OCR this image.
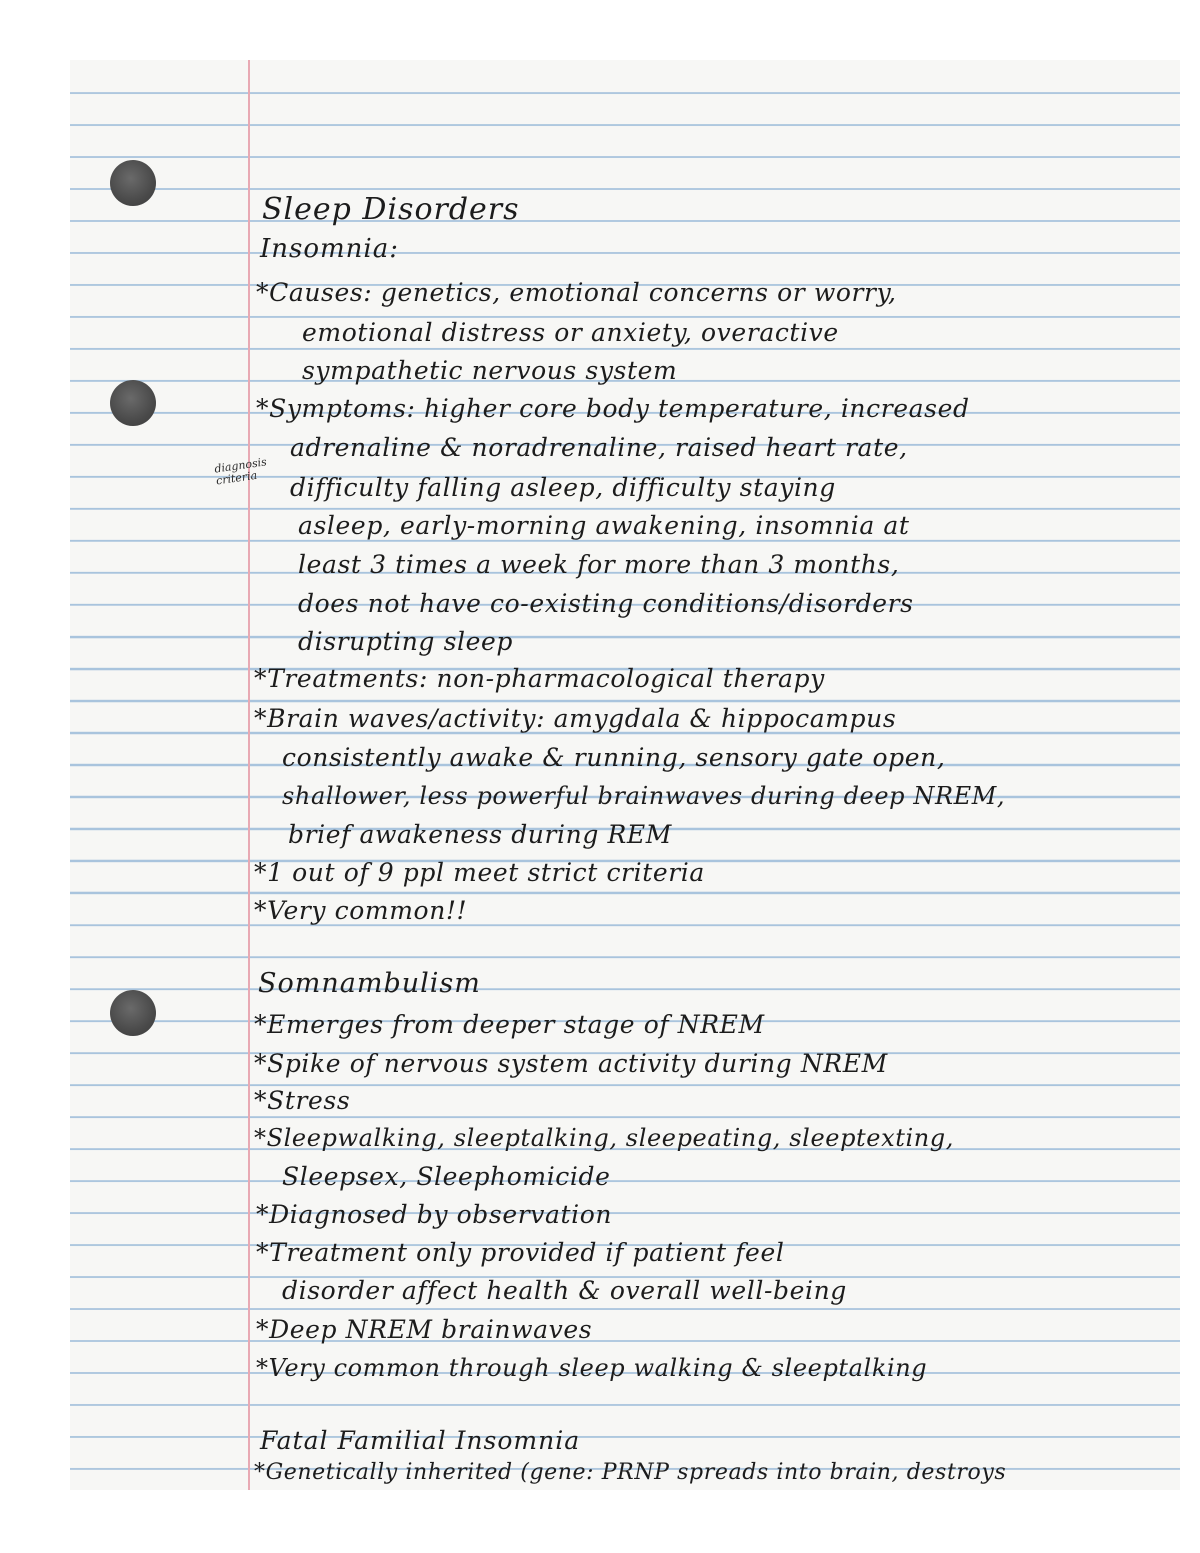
Sleep Disorders
diagnosis criteria
Insomnia:
*Causes: genetics, emotional concerns or worry,
emotional distress or anxiety, overactive
sympathetic nervous system
*Symptoms: higher core body temperature, increased
adrenaline & noradrenaline, raised heart rate,
difficulty falling asleep, difficulty staying
asleep, early-morning awakening, insomnia at
least 3 times a week for more than 3 months,
does not have co-existing conditions/disorders
disrupting sleep
*Treatments: non-pharmacological therapy
*Brain waves/activity: amygdala & hippocampus
consistently awake & running, sensory gate open,
shallower, less powerful brainwaves during deep NREM,
brief awakeness during REM
*1 out of 9 ppl meet strict criteria
*Very common!!
Somnambulism
*Emerges from deeper stage of NREM
*Spike of nervous system activity during NREM
*Stress
*Sleepwalking, sleeptalking, sleepeating, sleeptexting,
Sleepsex, Sleephomicide
*Diagnosed by observation
*Treatment only provided if patient feel
disorder affect health & overall well-being
*Deep NREM brainwaves
*Very common through sleep walking & sleeptalking
Fatal Familial Insomnia
*Genetically inherited (gene: PRNP spreads into brain, destroys
